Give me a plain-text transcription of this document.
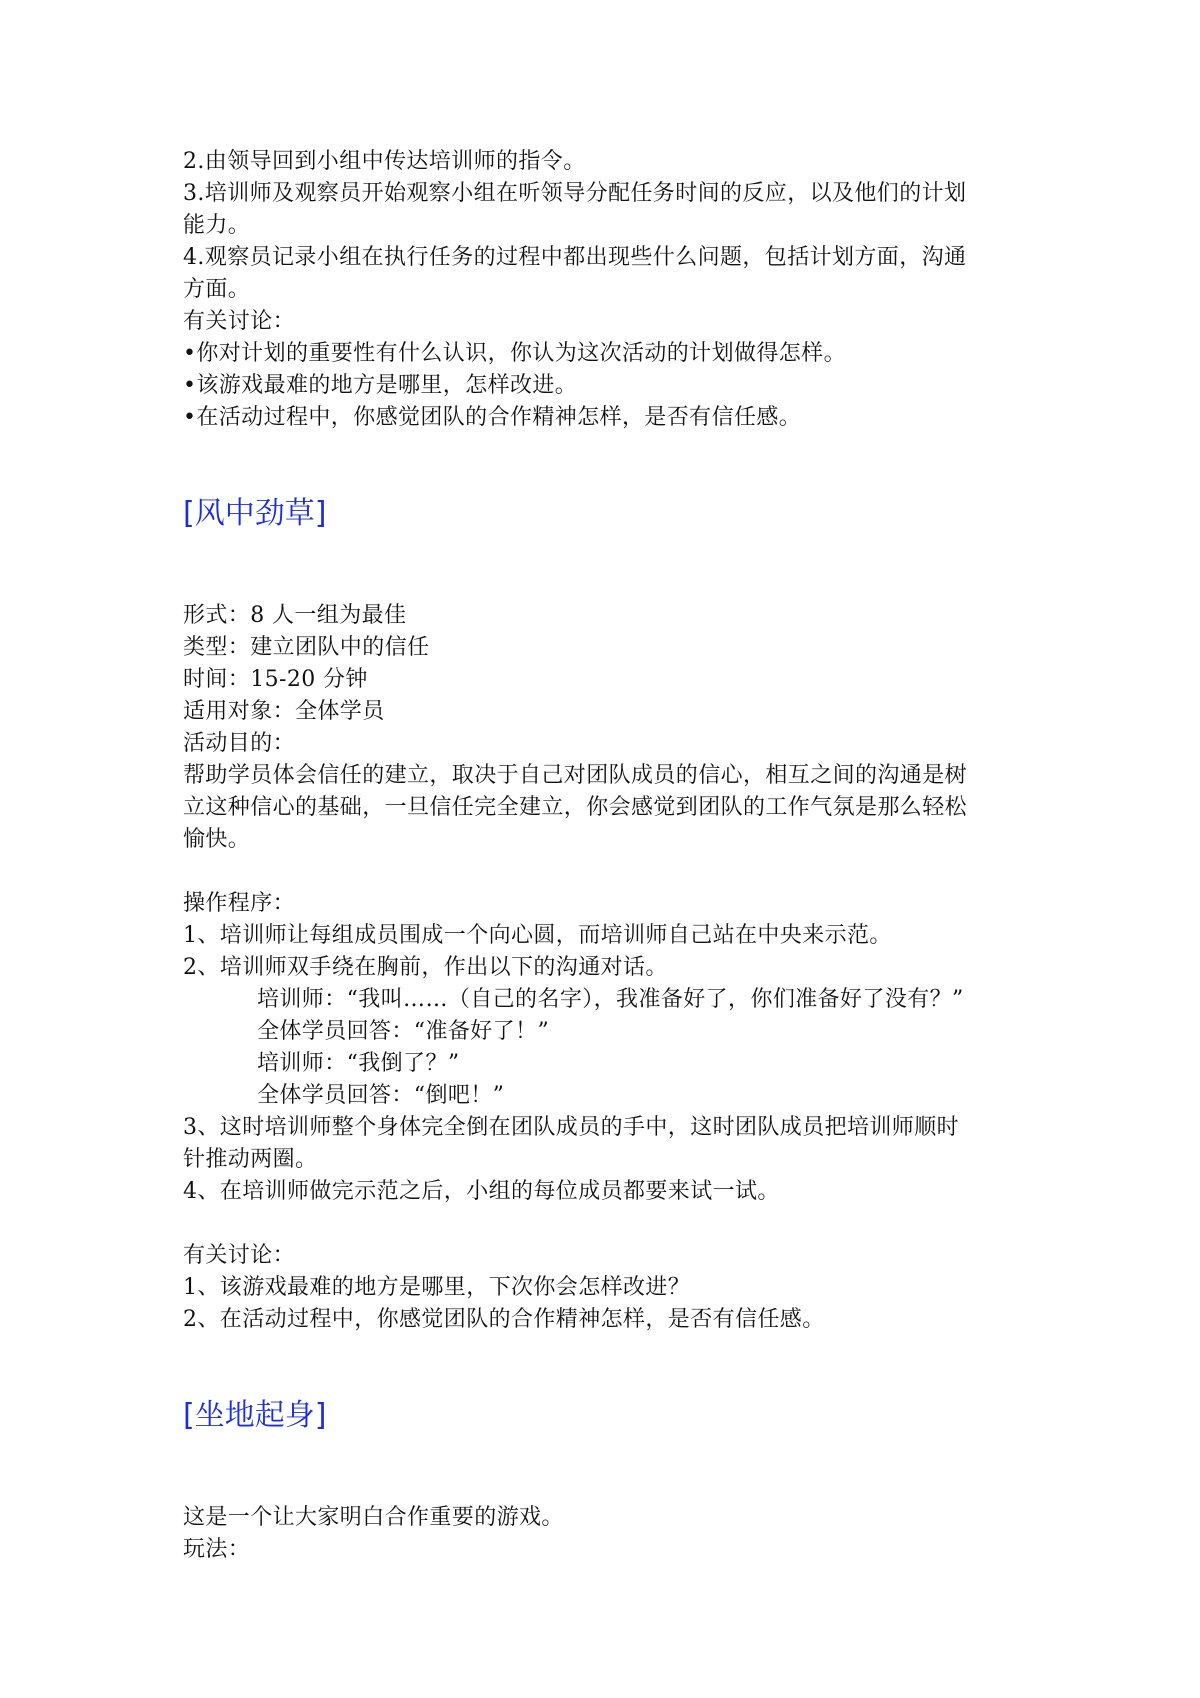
2.由领导回到小组中传达培训师的指令。
3.培训师及观察员开始观察小组在听领导分配任务时间的反应，以及他们的计划
能力。
4.观察员记录小组在执行任务的过程中都出现些什么问题，包括计划方面，沟通
方面。
有关讨论：
•你对计划的重要性有什么认识，你认为这次活动的计划做得怎样。
•该游戏最难的地方是哪里，怎样改进。
•在活动过程中，你感觉团队的合作精神怎样，是否有信任感。
[风中劲草]
形式：8 人一组为最佳
类型：建立团队中的信任
时间：15-20 分钟
适用对象：全体学员
活动目的：
帮助学员体会信任的建立，取决于自己对团队成员的信心，相互之间的沟通是树
立这种信心的基础，一旦信任完全建立，你会感觉到团队的工作气氛是那么轻松
愉快。
操作程序：
1、培训师让每组成员围成一个向心圆，而培训师自己站在中央来示范。
2、培训师双手绕在胸前，作出以下的沟通对话。
培训师：“我叫……（自己的名字），我准备好了，你们准备好了没有？”
全体学员回答：“准备好了！”
培训师：“我倒了？”
全体学员回答：“倒吧！”
3、这时培训师整个身体完全倒在团队成员的手中，这时团队成员把培训师顺时
针推动两圈。
4、在培训师做完示范之后，小组的每位成员都要来试一试。
有关讨论：
1、该游戏最难的地方是哪里，下次你会怎样改进？
2、在活动过程中，你感觉团队的合作精神怎样，是否有信任感。
[坐地起身]
这是一个让大家明白合作重要的游戏。
玩法：
